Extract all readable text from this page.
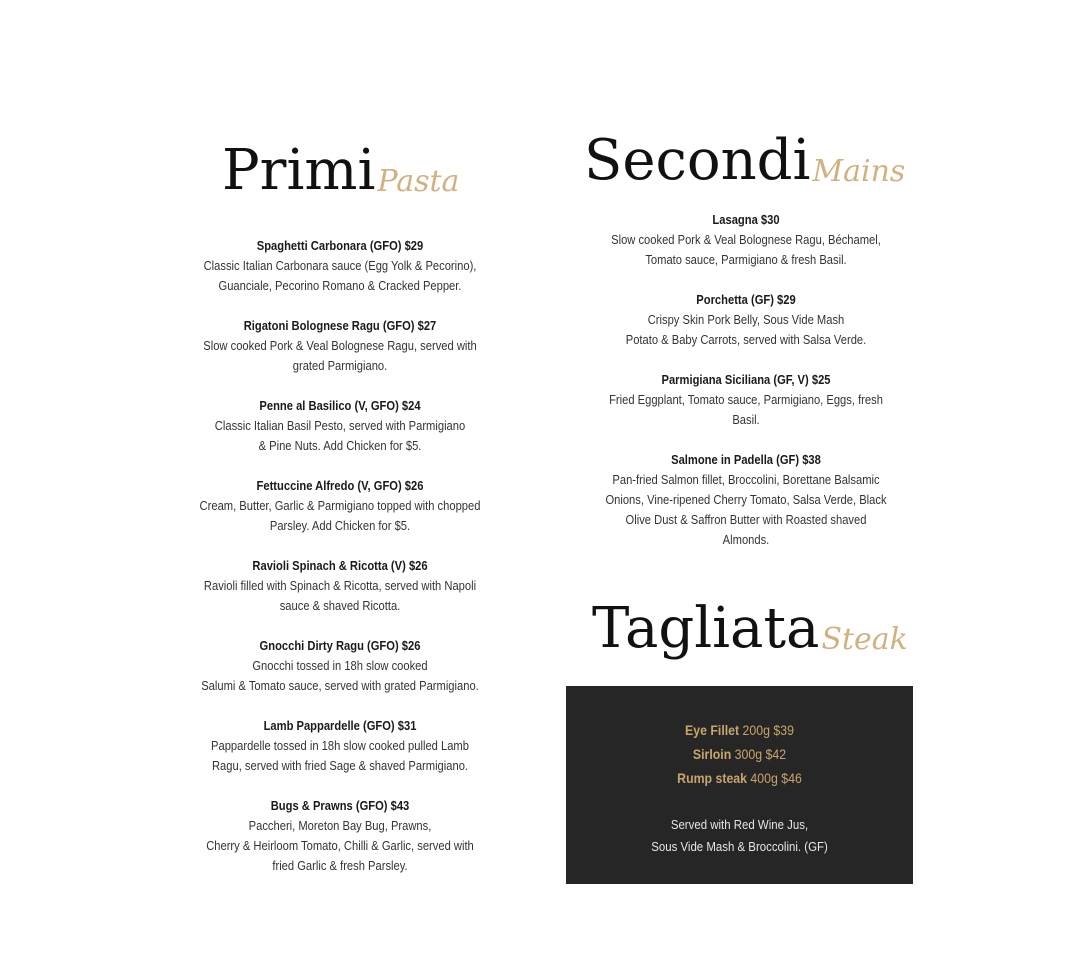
PrimiPasta
Spaghetti Carbonara (GFO) $29
Classic Italian Carbonara sauce (Egg Yolk & Pecorino),
Guanciale, Pecorino Romano & Cracked Pepper.
Rigatoni Bolognese Ragu (GFO) $27
Slow cooked Pork & Veal Bolognese Ragu, served with
grated Parmigiano.
Penne al Basilico (V, GFO) $24
Classic Italian Basil Pesto, served with Parmigiano
& Pine Nuts. Add Chicken for $5.
Fettuccine Alfredo (V, GFO) $26
Cream, Butter, Garlic & Parmigiano topped with chopped
Parsley. Add Chicken for $5.
Ravioli Spinach & Ricotta (V) $26
Ravioli filled with Spinach & Ricotta, served with Napoli
sauce & shaved Ricotta.
Gnocchi Dirty Ragu (GFO) $26
Gnocchi tossed in 18h slow cooked
Salumi & Tomato sauce, served with grated Parmigiano.
Lamb Pappardelle (GFO) $31
Pappardelle tossed in 18h slow cooked pulled Lamb
Ragu, served with fried Sage & shaved Parmigiano.
Bugs & Prawns (GFO) $43
Paccheri, Moreton Bay Bug, Prawns,
Cherry & Heirloom Tomato, Chilli & Garlic, served with
fried Garlic & fresh Parsley.
SecondiMains
Lasagna $30
Slow cooked Pork & Veal Bolognese Ragu, Béchamel,
Tomato sauce, Parmigiano & fresh Basil.
Porchetta (GF) $29
Crispy Skin Pork Belly, Sous Vide Mash
Potato & Baby Carrots, served with Salsa Verde.
Parmigiana Siciliana (GF, V) $25
Fried Eggplant, Tomato sauce, Parmigiano, Eggs, fresh
Basil.
Salmone in Padella (GF) $38
Pan-fried Salmon fillet, Broccolini, Borettane Balsamic
Onions, Vine-ripened Cherry Tomato, Salsa Verde, Black
Olive Dust & Saffron Butter with Roasted shaved
Almonds.
TagliataSteak
Eye Fillet 200g $39
Sirloin 300g $42
Rump steak 400g $46
Served with Red Wine Jus,
Sous Vide Mash & Broccolini. (GF)
